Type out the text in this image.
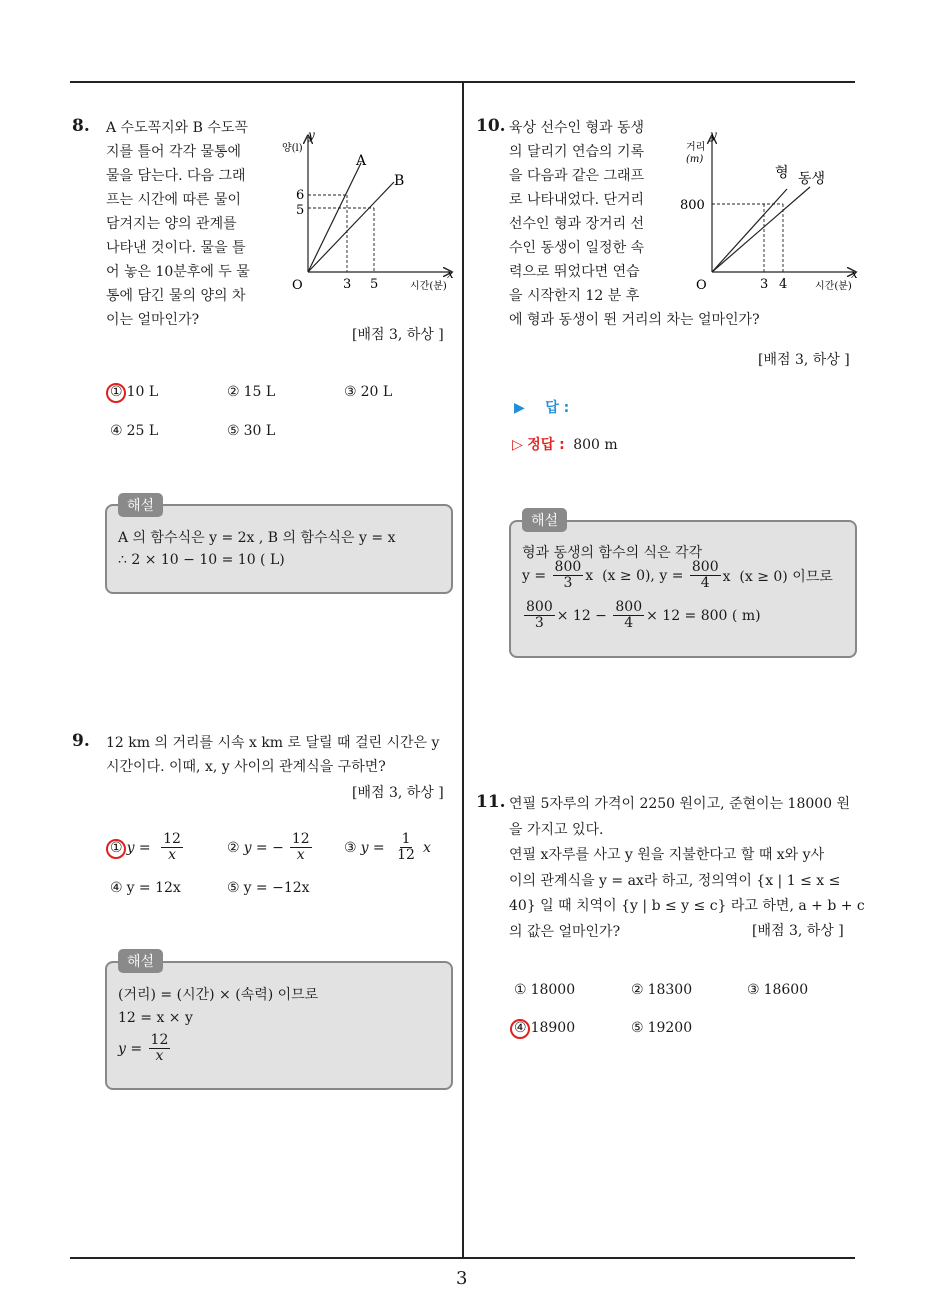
8. A 수도꼭지와 B 수도꼭
지를 틀어 각각 물통에
물을 담는다. 다음 그래
프는 시간에 따른 물이
담겨지는 양의 관계를
나타낸 것이다. 물을 틀
어 놓은 10분후에 두 물
통에 담긴 물의 양의 차
이는 얼마인가?
y
양(l)
x
시간(분)
O
A
B
6
5
3 5
[배점 3, 하상 ]
① 10 L	② 15 L	③ 20 L
④ 25 L	⑤ 30 L
해설
A 의 함수식은 y = 2x , B 의 함수식은 y = x
∴ 2 × 10 − 10 = 10 ( L)
9. 12 km 의 거리를 시속 x km 로 달릴 때 걸린 시간은 y
시간이다. 이때, x, y 사이의 관계식을 구하면?
[배점 3, 하상 ]
① $y = \frac{12}{x}$	② y = − $\frac{12}{x}$ ③ $y = \frac{1}{12}$ x
④ y = 12x	⑤ y = −12x
해설
(거리) = (시간) × (속력) 이므로
12 = x × y
$y = \frac{12}{x}$
10. 육상 선수인 형과 동생
의 달리기 연습의 기록
을 다음과 같은 그래프
로 나타내었다. 단거리
선수인 형과 장거리 선
수인 동생이 일정한 속
력으로 뛰었다면 연습
을 시작한지 12 분 후
에 형과 동생이 뛴 거리의 차는 얼마인가?
y
거리
(m)
x
시간(분)
O
형 동생
800
3 4
[배점 3, 하상 ]
▶ 답 :
▷ 정답 : 800 m
해설
형과 동생의 함수의 식은 각각
$y = \frac{800}{3}$ x  (x ≥ 0), $y = \frac{800}{4}$ x  (x ≥ 0) 이므로
$\frac{800}{3} \times 12 - \frac{800}{4} \times 12 = 800$ ( m)
11. 연필 5자루의 가격이 2250 원이고, 준현이는 18000 원
을 가지고 있다.
연필 x자루를 사고 y 원을 지불한다고 할 때 x와 y사
이의 관계식을 y = ax라 하고, 정의역이 {x | 1 ≤ x ≤
40} 일 때 치역이 {y | b ≤ y ≤ c} 라고 하면, a + b + c
의 값은 얼마인가?	[배점 3, 하상 ]
① 18000	② 18300	③ 18600
④ 18900	⑤ 19200
3
